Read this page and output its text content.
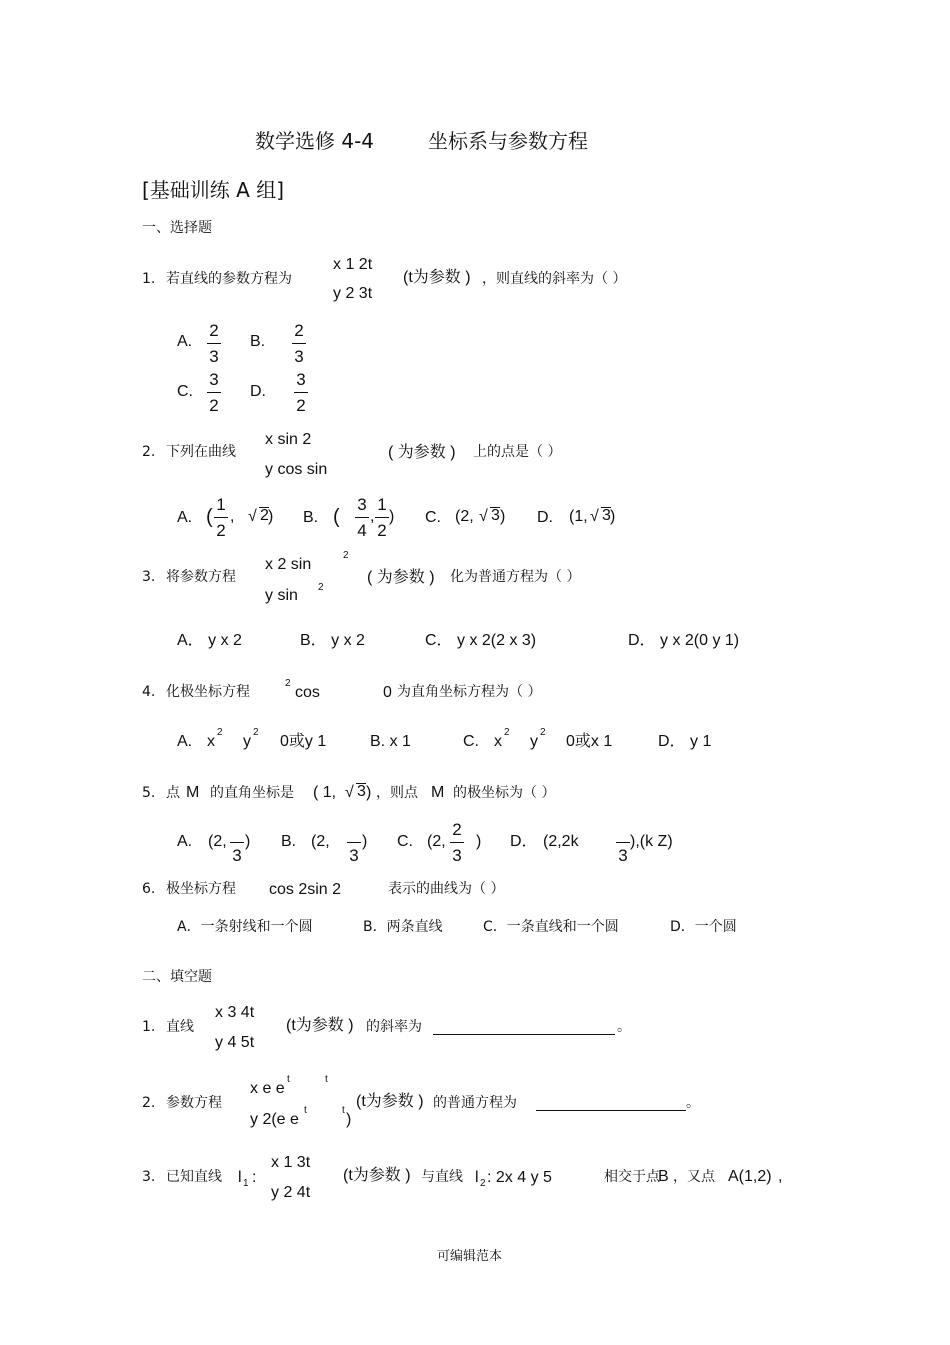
数学选修 4-4	坐标系与参数方程
[基础训练 A 组]
一、选择题
1. 若直线的参数方程为
x 1 2t
y 2 3t
(t为参数 ) ，则直线的斜率为（ ）
A.
2
3
B.
2
3
C.
3
2
D.
3
2
2. 下列在曲线
x sin 2
y cos sin
( 为参数 ) 上的点是（ ）
A. (
1
2
, √ 2 ) B. (
3
4
,
1
2
) C. (2, √ 3 ) D. (1, √ 3 )
3. 将参数方程
x 2 sin
2
y sin 2
( 为参数 ) 化为普通方程为（ ）
A． y x 2	B． y x 2	C． y x 2(2 x 3)	D． y x 2(0 y 1)
4. 化极坐标方程
2
cos	0 为直角坐标方程为（ ）
A. x
2
y
2
0或y 1	B. x 1	C. x
2
y
2
0或x 1	D． y 1
5. 点 M 的直角坐标是 ( 1, √ 3 ) ，则点 M 的极坐标为（ ）
A. (2,
3
) B. (2,
3
) C. (2,
2
3
) D． (2,2k
3
),(k Z)
6. 极坐标方程 cos 2sin 2	表示的曲线为（ ）
A．一条射线和一个圆	B．两条直线	C．一条直线和一个圆	D．一个圆
二、填空题
1. 直线
x 3 4t
y 4 5t
(t为参数 ) 的斜率为	。
2. 参数方程
x e e
t	t
y 2(e e
t	t
)
(t为参数 ) 的普通方程为	。
3. 已知直线 l 1 :
x 1 3t
y 2 4t
(t为参数 ) 与直线 l 2 : 2x 4 y 5	相交于点
B ，又点 A(1,2) ,
可编辑范本
